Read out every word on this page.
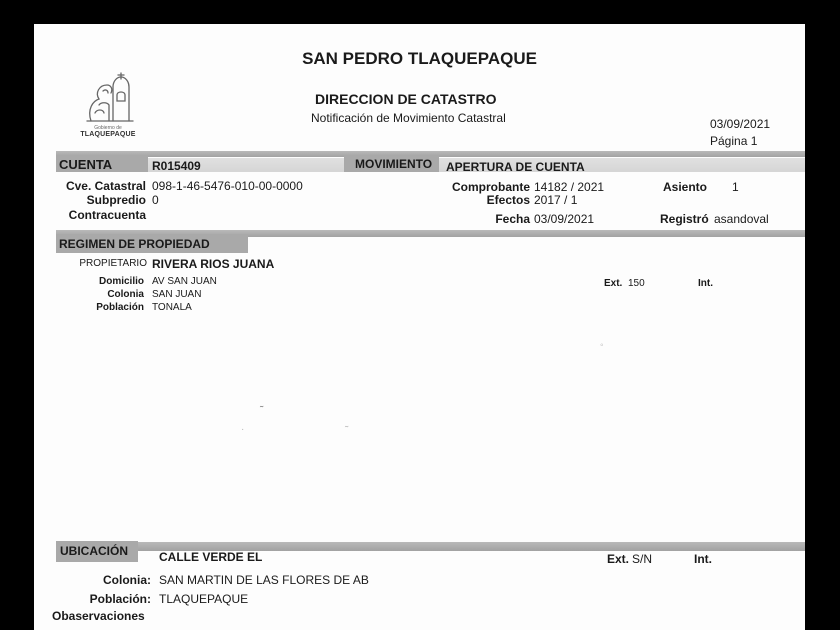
Gobierno de
TLAQUEPAQUE
SAN PEDRO TLAQUEPAQUE
DIRECCION DE CATASTRO
Notificación de Movimiento Catastral	03/09/2021
Página 1
CUENTA	R015409	MOVIMIENTO APERTURA DE CUENTA
Cve. Catastral 098-1-46-5476-010-00-0000
Subpredio 0
Contracuenta
Comprobante 14182 / 2021
Efectos 2017 / 1
Fecha 03/09/2021
Asiento 1
Registró asandoval
REGIMEN DE PROPIEDAD
PROPIETARIO RIVERA RIOS JUANA
Domicilio AV SAN JUAN
Colonia SAN JUAN
Población TONALA
Ext. 150	Int.
◦
˷
·
˷
UBICACIÓN	CALLE VERDE EL	Ext. S/N	Int.
Colonia: SAN MARTIN DE LAS FLORES DE AB
Población: TLAQUEPAQUE
Obaservaciones
